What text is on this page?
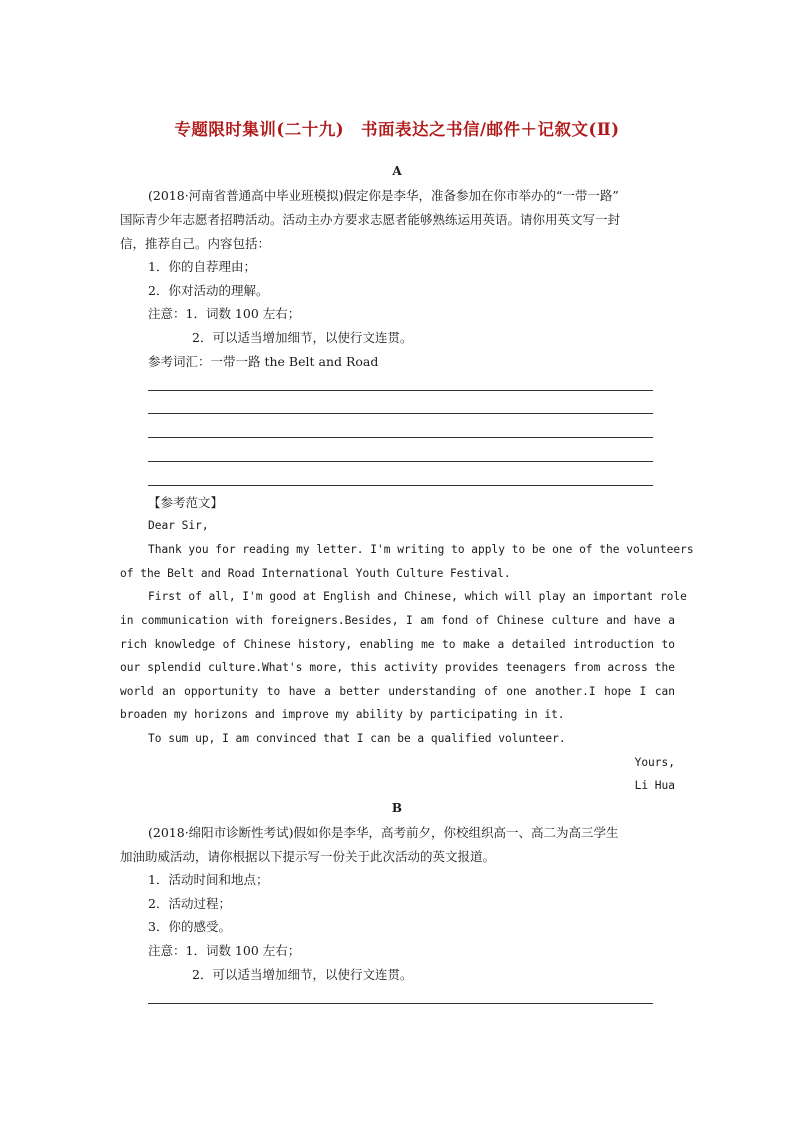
专题限时集训(二十九)　书面表达之书信/邮件＋记叙文(Ⅱ)
A
(2018·河南省普通高中毕业班模拟)假定你是李华，准备参加在你市举办的“一带一路”
国际青少年志愿者招聘活动。活动主办方要求志愿者能够熟练运用英语。请你用英文写一封
信，推荐自己。内容包括：
1．你的自荐理由；
2．你对活动的理解。
注意：1．词数 100 左右；
2．可以适当增加细节，以使行文连贯。
参考词汇：一带一路 the Belt and Road
【参考范文】
Dear Sir,
Thank you for reading my letter. I'm writing to apply to be one of the volunteers
of the Belt and Road International Youth Culture Festival.
First of all, I'm good at English and Chinese, which will play an important role
in communication with foreigners.Besides, I am fond of Chinese culture and have a
rich knowledge of Chinese history, enabling me to make a detailed introduction to
our splendid culture.What's more, this activity provides teenagers from across the
world an opportunity to have a better understanding of one another.I hope I can
broaden my horizons and improve my ability by participating in it.
To sum up, I am convinced that I can be a qualified volunteer.
Yours,
Li Hua
B
(2018·绵阳市诊断性考试)假如你是李华，高考前夕，你校组织高一、高二为高三学生
加油助威活动，请你根据以下提示写一份关于此次活动的英文报道。
1．活动时间和地点；
2．活动过程；
3．你的感受。
注意：1．词数 100 左右；
2．可以适当增加细节，以使行文连贯。
